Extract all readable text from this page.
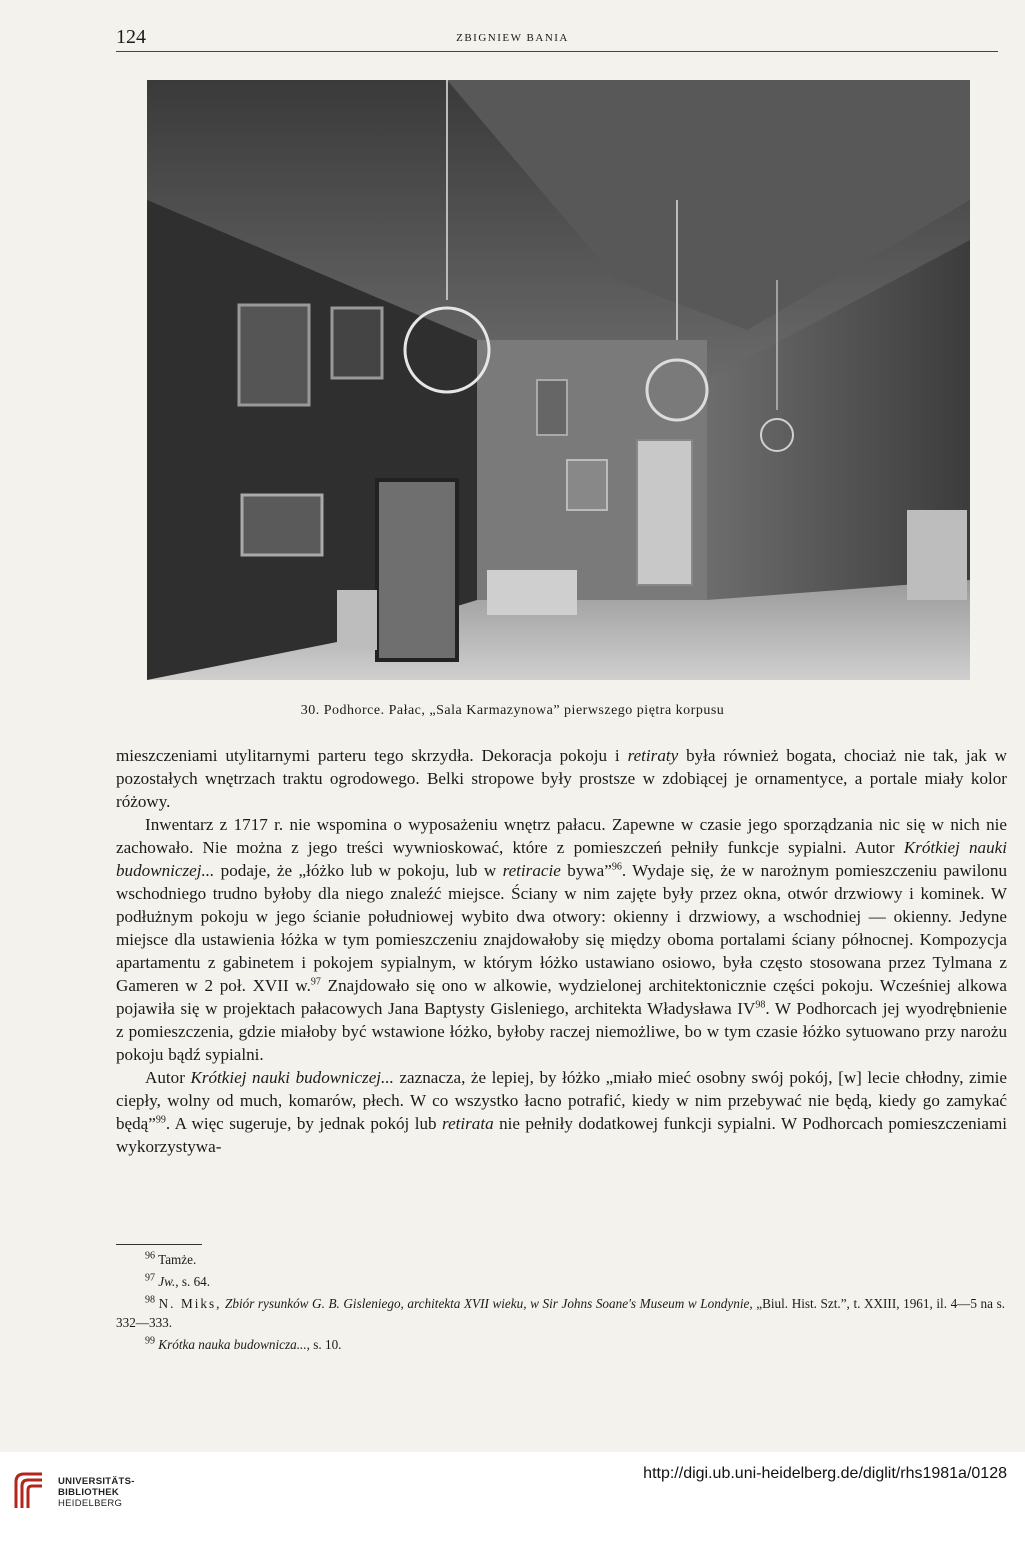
124	ZBIGNIEW BANIA
30. Podhorce. Pałac, „Sala Karmazynowa” pierwszego piętra korpusu

mieszczeniami utylitarnymi parteru tego skrzydła. Dekoracja pokoju i retiraty była również bogata, chociaż nie tak, jak w pozostałych wnętrzach traktu ogrodowego. Belki stropowe były prostsze w zdobiącej je ornamentyce, a portale miały kolor różowy.

Inwentarz z 1717 r. nie wspomina o wyposażeniu wnętrz pałacu. Zapewne w czasie jego sporządzania nic się w nich nie zachowało. Nie można z jego treści wywnioskować, które z pomieszczeń pełniły funkcje sypialni. Autor Krótkiej nauki budowniczej... podaje, że „łóżko lub w pokoju, lub w retiracie bywa”$^{96}$. Wydaje się, że w narożnym pomieszczeniu pawilonu wschodniego trudno byłoby dla niego znaleźć miejsce. Ściany w nim zajęte były przez okna, otwór drzwiowy i kominek. W podłużnym pokoju w jego ścianie południowej wybito dwa otwory: okienny i drzwiowy, a wschodniej — okienny. Jedyne miejsce dla ustawienia łóżka w tym pomieszczeniu znajdowałoby się między oboma portalami ściany północnej. Kompozycja apartamentu z gabinetem i pokojem sypialnym, w którym łóżko ustawiano osiowo, była często stosowana przez Tylmana z Gameren w 2 poł. XVII w.$^{97}$ Znajdowało się ono w alkowie, wydzielonej architektonicznie części pokoju. Wcześniej alkowa pojawiła się w projektach pałacowych Jana Baptysty Gisleniego, architekta Władysława IV$^{98}$. W Podhorcach jej wyodrębnienie z pomieszczenia, gdzie miałoby być wstawione łóżko, byłoby raczej niemożliwe, bo w tym czasie łóżko sytuowano przy narożu pokoju bądź sypialni.

Autor Krótkiej nauki budowniczej... zaznacza, że lepiej, by łóżko „miało mieć osobny swój pokój, [w] lecie chłodny, zimie ciepły, wolny od much, komarów, płech. W co wszystko łacno potrafić, kiedy w nim przebywać nie będą, kiedy go zamykać będą”$^{99}$. A więc sugeruje, by jednak pokój lub retirata nie pełniły dodatkowej funkcji sypialni. W Podhorcach pomieszczeniami wykorzystywa-

$^{96}$ Tamże.

$^{97}$ Jw., s. 64.

$^{98}$ N. Miks, Zbiór rysunków G. B. Gisleniego, architekta XVII wieku, w Sir Johns Soane's Museum w Londynie, „Biul. Hist. Szt.”, t. XXIII, 1961, il. 4—5 na s. 332—333.

$^{99}$ Krótka nauka budownicza..., s. 10.

UNIVERSITÄTS-
BIBLIOTHEK
HEIDELBERG
http://digi.ub.uni-heidelberg.de/diglit/rhs1981a/0128
